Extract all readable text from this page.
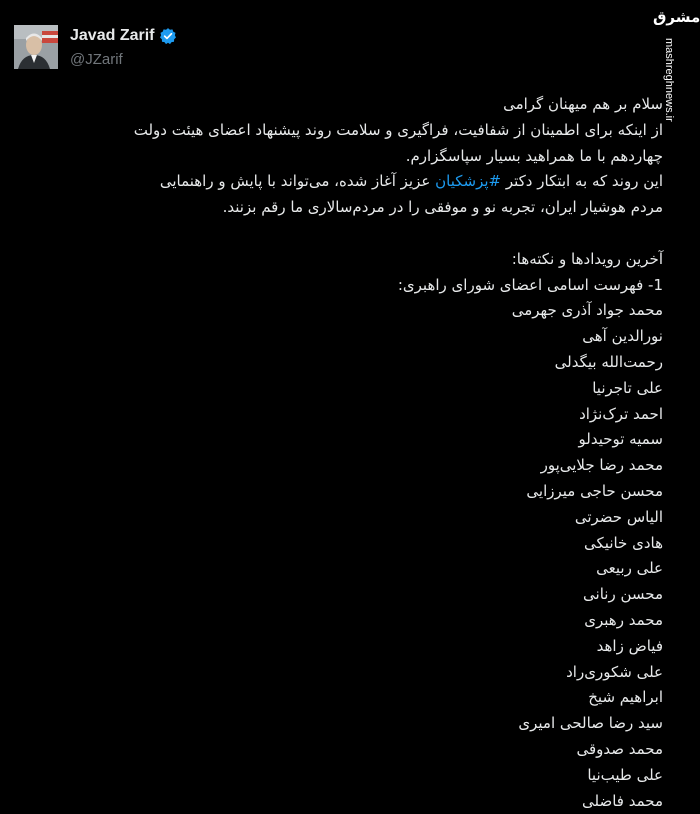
Javad Zarif
@JZarif
مشرق
mashreghnews.ir

سلام بر هم میهنان گرامی

از اینکه برای اطمینان از شفافیت، فراگیری و سلامت روند پیشنهاد اعضای هیئت دولت

چهاردهم با ما همراهید بسیار سپاسگزارم.

این روند که به ابتکار دکتر #پزشکیان عزیز آغاز شده، می‌تواند با پایش و راهنمایی

مردم هوشیار ایران، تجربه نو و موفقی را در مردم‌سالاری ما رقم بزنند.

آخرین رویدادها و نکته‌ها:

1- فهرست اسامی اعضای شورای راهبری:

محمد جواد آذری جهرمی

نورالدین آهی

رحمت‌الله بیگدلی

علی تاجرنیا

احمد ترک‌نژاد

سمیه توحیدلو

محمد رضا جلایی‌پور

محسن حاجی میرزایی

الیاس حضرتی

هادی خانیکی

علی ربیعی

محسن رنانی

محمد رهبری

فیاض زاهد

علی شکوری‌راد

ابراهیم شیخ

سید رضا صالحی امیری

محمد صدوقی

علی طیب‌نیا

محمد فاضلی
